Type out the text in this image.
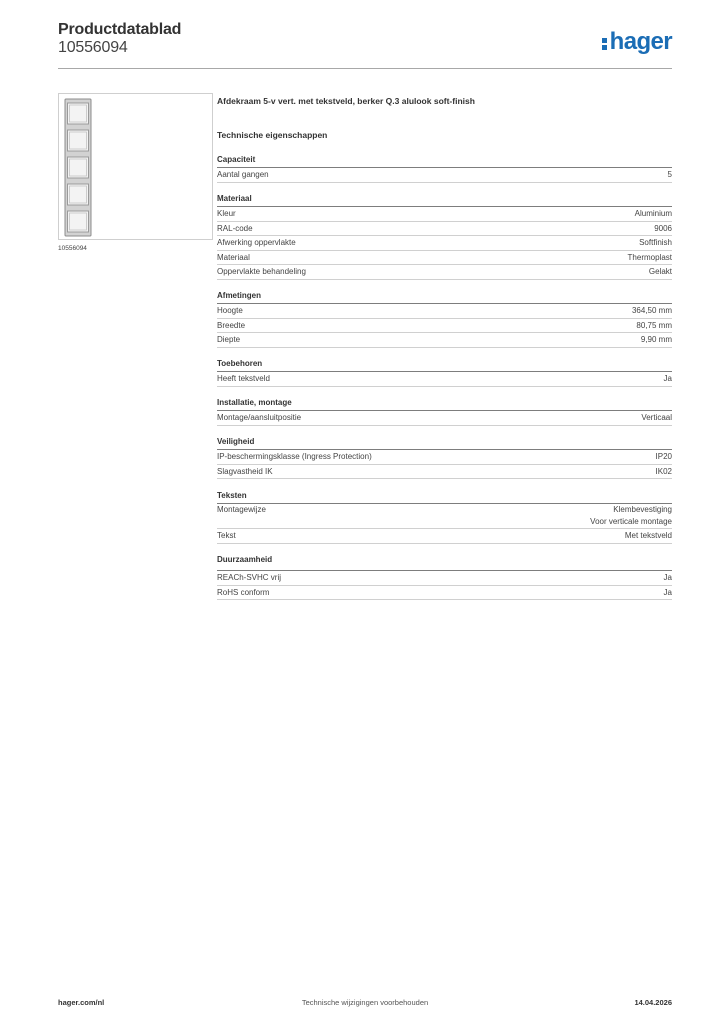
Productdatablad
10556094	hager
10556094
Afdekraam 5-v vert. met tekstveld, berker Q.3 alulook soft-finish
Technische eigenschappen
Capaciteit
Aantal gangen	5
Materiaal
Kleur	Aluminium
RAL-code	9006
Afwerking oppervlakte	Softfinish
Materiaal	Thermoplast
Oppervlakte behandeling	Gelakt
Afmetingen
Hoogte	364,50 mm
Breedte	80,75 mm
Diepte	9,90 mm
Toebehoren
Heeft tekstveld	Ja
Installatie, montage
Montage/aansluitpositie	Verticaal
Veiligheid
IP-beschermingsklasse (Ingress Protection)	IP20
Slagvastheid IK	IK02
Teksten
Montagewijze	Klembevestiging
Voor verticale montage
Tekst	Met tekstveld
Duurzaamheid
REACh-SVHC vrij	Ja
RoHS conform	Ja
Technische wijzigingen voorbehouden
hager.com/nl	14.04.2026
